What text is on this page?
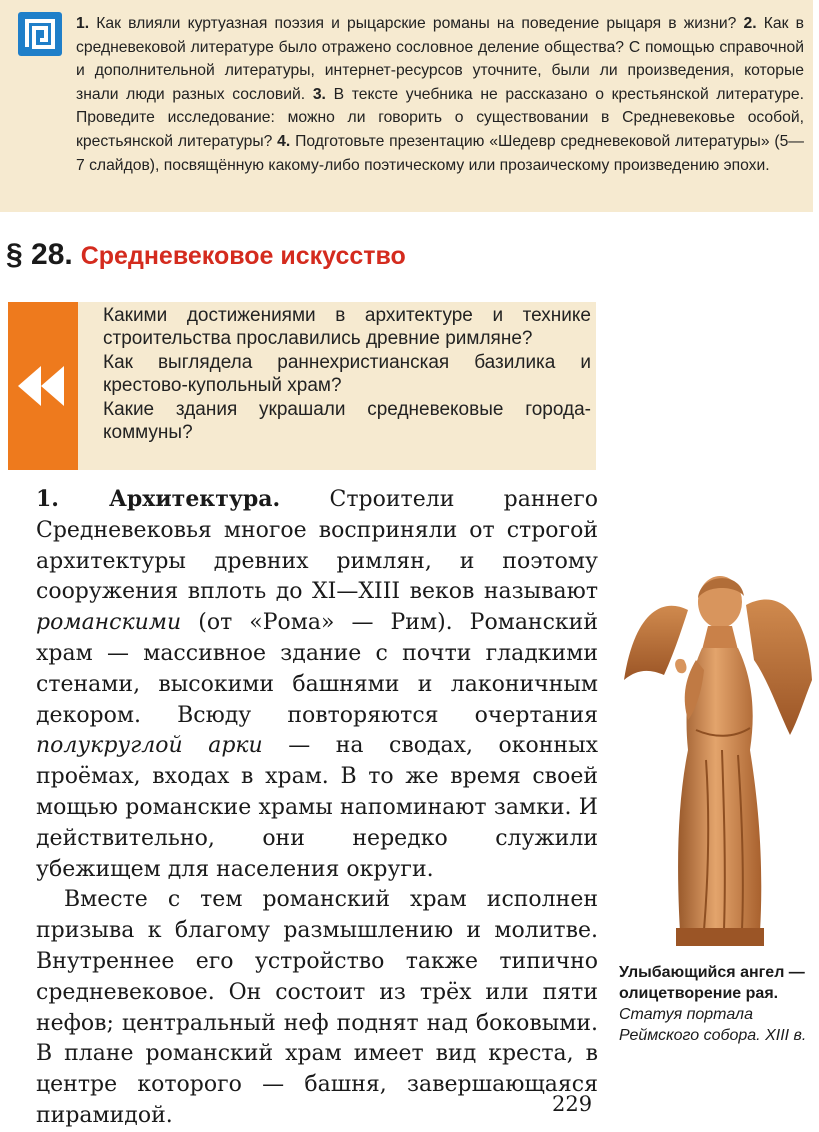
1. Как влияли куртуазная поэзия и рыцарские романы на поведение рыцаря в жизни? 2. Как в средневековой литературе было отражено сословное деление общества? С помощью справочной и дополнительной литературы, интернет-ресурсов уточните, были ли произведения, которые знали люди разных сословий. 3. В тексте учебника не рассказано о крестьянской литературе. Проведите исследование: можно ли говорить о существовании в Средневековье особой, крестьянской литературы? 4. Подготовьте презентацию «Шедевр средневековой литературы» (5—7 слайдов), посвящённую какому-либо поэтическому или прозаическому произведению эпохи.

§ 28. Средневековое искусство

Какими достижениями в архитектуре и технике строительства прославились древние римляне?

Как выглядела раннехристианская базилика и крестово-купольный храм?

Какие здания украшали средневековые города-коммуны?

1. Архитектура. Строители раннего Средневековья многое восприняли от строгой архитектуры древних римлян, и поэтому сооружения вплоть до XI—XIII веков называют романскими (от «Рома» — Рим). Романский храм — массивное здание с почти гладкими стенами, высокими башнями и лаконичным декором. Всюду повторяются очертания полукруглой арки — на сводах, оконных проёмах, входах в храм. В то же время своей мощью романские храмы напоминают замки. И действительно, они нередко служили убежищем для населения округи.

Вместе с тем романский храм исполнен призыва к благому размышлению и молитве. Внутреннее его устройство также типично средневековое. Он состоит из трёх или пяти нефов; центральный неф поднят над боковыми. В плане романский храм имеет вид креста, в центре которого — башня, завершающаяся пирамидой.

Улыбающийся ангел — олицетворение рая. Статуя портала Реймского собора. XIII в.
229
